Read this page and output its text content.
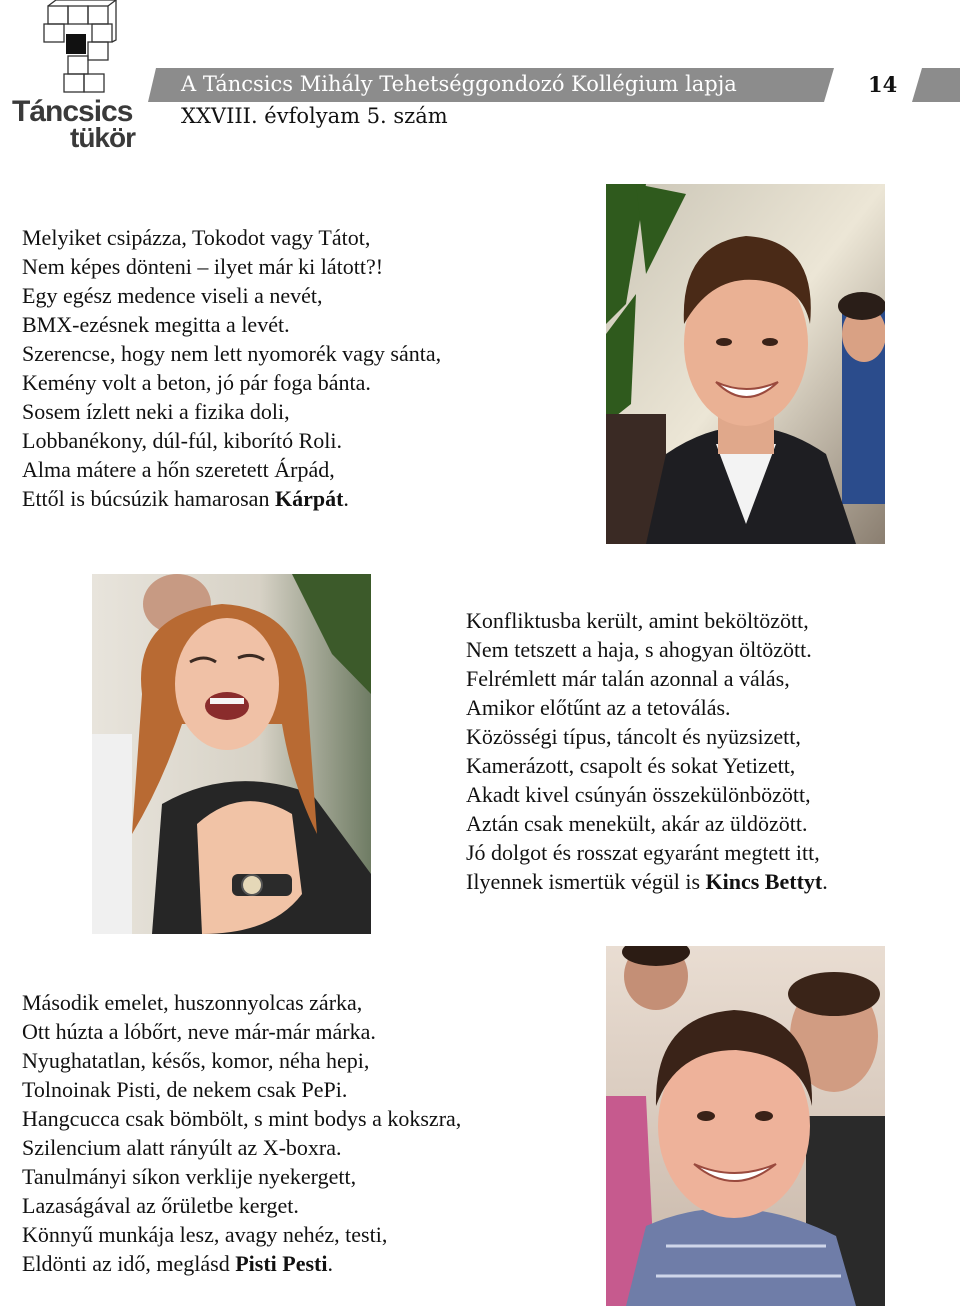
Táncsics
tükör
A Táncsics Mihály Tehetséggondozó Kollégium lapja
XXVIII. évfolyam 5. szám
14
Melyiket csipázza, Tokodot vagy Tátot,
Nem képes dönteni – ilyet már ki látott?!
Egy egész medence viseli a nevét,
BMX-ezésnek megitta a levét.
Szerencse, hogy nem lett nyomorék vagy sánta,
Kemény volt a beton, jó pár foga bánta.
Sosem ízlett neki a fizika doli,
Lobbanékony, dúl-fúl, kiborító Roli.
Alma mátere a hőn szeretett Árpád,
Ettől is búcsúzik hamarosan Kárpát.
Konfliktusba került, amint beköltözött,
Nem tetszett a haja, s ahogyan öltözött.
Felrémlett már talán azonnal a válás,
Amikor előtűnt az a tetoválás.
Közösségi típus, táncolt és nyüzsizett,
Kamerázott, csapolt és sokat Yetizett,
Akadt kivel csúnyán összekülönbözött,
Aztán csak menekült, akár az üldözött.
Jó dolgot és rosszat egyaránt megtett itt,
Ilyennek ismertük végül is Kincs Bettyt.
Második emelet, huszonnyolcas zárka,
Ott húzta a lóbőrt, neve már-már márka.
Nyughatatlan, késős, komor, néha hepi,
Tolnoinak Pisti, de nekem csak PePi.
Hangcucca csak bömbölt, s mint bodys a kokszra,
Szilencium alatt rányúlt az X-boxra.
Tanulmányi síkon verklije nyekergett,
Lazaságával az őrületbe kerget.
Könnyű munkája lesz, avagy nehéz, testi,
Eldönti az idő, meglásd Pisti Pesti.
